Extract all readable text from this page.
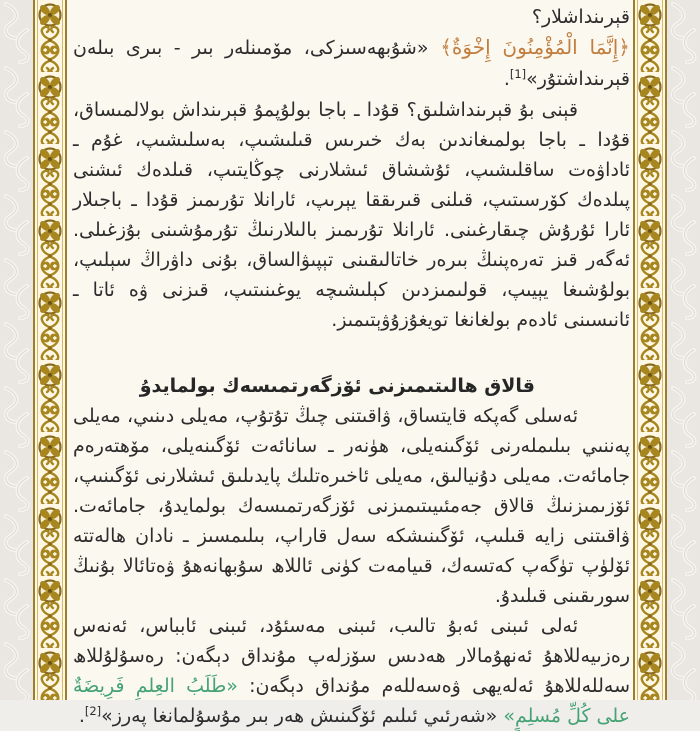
قېرىنداشلار؟

﴿إِنَّمَا الْمُؤْمِنُونَ إِخْوَةٌ﴾ «شۇبھەسىزكى، مۆمىنلەر بىر - بىرى بىلەن قېرىنداشتۇر»[1].

قېنى بۇ قېرىنداشلىق؟ قۇدا ـ باجا بولۇپمۇ قېرىنداش بولالمىساق، قۇدا ـ باجا بولمىغاندىن بەك خىرىس قىلىشىپ، بەسلىشىپ، غۇم ـ ئاداۋەت ساقلىشىپ، ئۇششاق ئىشلارنى چوڭايتىپ، قىلدەك ئىشنى پىلدەك كۆرسىتىپ، قىلنى قىرىققا يېرىپ، ئارانلا تۇرىمىز قۇدا ـ باجىلار ئارا ئۇرۇش چىقارغىنى. ئارانلا تۇرىمىز بالىلارنىڭ تۇرمۇشىنى بۇزغىلى. ئەگەر قىز تەرەپنىڭ بىرەر خاتالىقىنى تېپىۋالساق، بۇنى داۋراڭ سېلىپ، بولۇشىغا يېيىپ، قولىمىزدىن كېلىشىچە يوغىنىتىپ، قىزنى ۋە ئاتا ـ ئانىسىنى ئادەم بولغانغا تويغۇزۇۋېتىمىز.

قالاق ھالىتىمىزنى ئۆزگەرتمىسەك بولمايدۇ

ئەسلى گەپكە قايتساق، ۋاقىتنى چىڭ تۇتۇپ، مەيلى دىنىي، مەيلى پەننىي بىلىملەرنى ئۆگىنەيلى، ھۈنەر ـ سانائەت ئۆگىنەيلى، مۆھتەرەم جامائەت. مەيلى دۇنيالىق، مەيلى ئاخىرەتلىك پايدىلىق ئىشلارنى ئۆگىنىپ، ئۆزىمىزنىڭ قالاق جەمئىيىتىمىزنى ئۆزگەرتمىسەك بولمايدۇ، جامائەت. ۋاقىتنى زايە قىلىپ، ئۆگىنىشكە سەل قاراپ، بىلىمسىز ـ نادان ھالەتتە ئۆلۈپ تۈگەپ كەتسەك، قىيامەت كۈنى ئاللاھ سۇبھانەھۇ ۋەتائالا بۇنىڭ سورىقىنى قىلىدۇ.

ئەلى ئىبنى ئەبۇ تالىب، ئىبنى مەسئۇد، ئىبنى ئابباس، ئەنەس رەزىيەللاھۇ ئەنھۇمالار ھەدىس سۆزلەپ مۇنداق دېگەن: رەسۇلۇللاھ سەللەللاھۇ ئەلەيھى ۋەسەللەم مۇنداق دېگەن: «طَلَبُ العِلمِ فَرِيضَةٌ على كُلِّ مُسلِمٍ» «شەرئىي ئىلىم ئۆگىنىش ھەر بىر مۇسۇلمانغا پەرز»[2].
